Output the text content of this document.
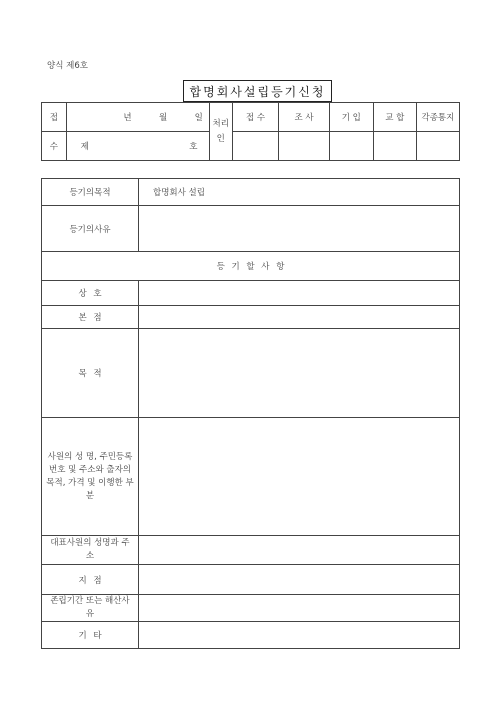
양식 제6호
합명회사설립등기신청
접	년 월 일	처리인	접 수	조 사	기 입	교 합	각종통지
수	제 호						
등기의목적	합명회사 설립
등기의사유	
등 기 할 사 항	
상 호	
본 점	
목 적	
사원의 성 명, 주민등록번호 및 주소와 출자의 목적, 가격 및 이행한 부분	
대표사원의 성명과 주소	
지 점	
존립기간 또는 해산사유	
기 타	
